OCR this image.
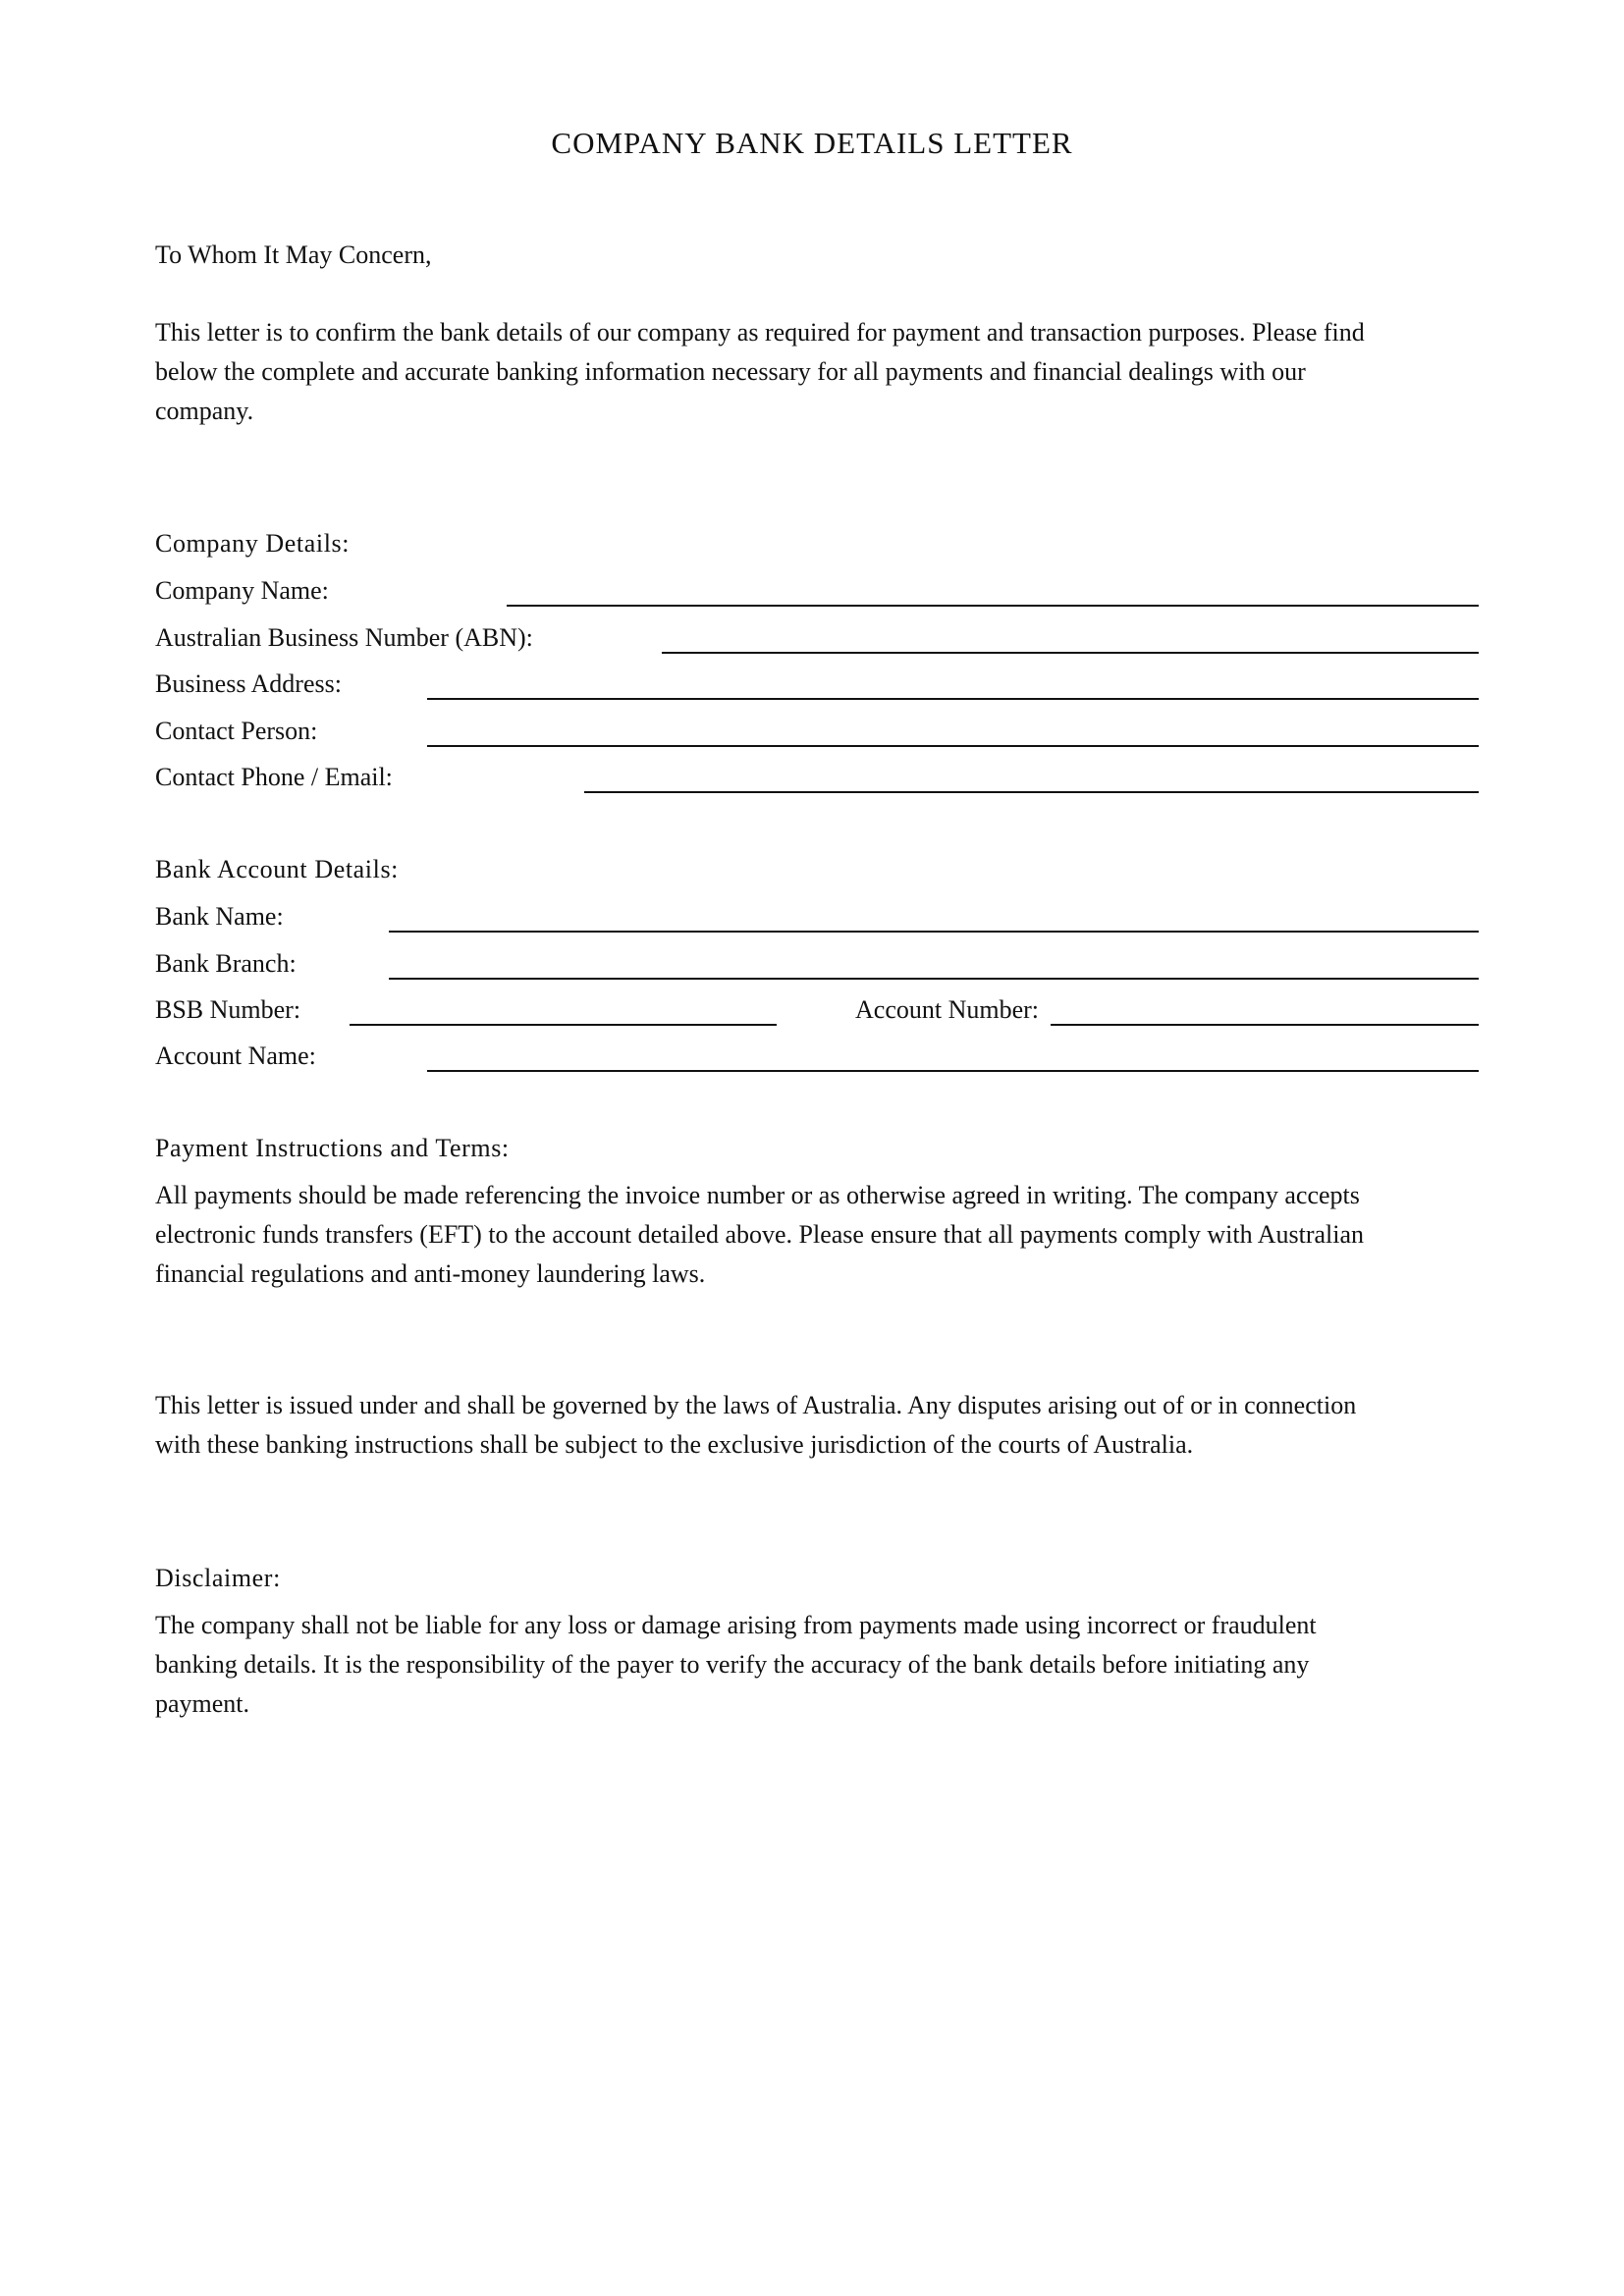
COMPANY BANK DETAILS LETTER
To Whom It May Concern,
This letter is to confirm the bank details of our company as required for payment and transaction purposes. Please find
below the complete and accurate banking information necessary for all payments and financial dealings with our
company.
Company Details:
Company Name:
Australian Business Number (ABN):
Business Address:
Contact Person:
Contact Phone / Email:
Bank Account Details:
Bank Name:
Bank Branch:
BSB Number:	Account Number:
Account Name:
Payment Instructions and Terms:
All payments should be made referencing the invoice number or as otherwise agreed in writing. The company accepts
electronic funds transfers (EFT) to the account detailed above. Please ensure that all payments comply with Australian
financial regulations and anti-money laundering laws.
This letter is issued under and shall be governed by the laws of Australia. Any disputes arising out of or in connection
with these banking instructions shall be subject to the exclusive jurisdiction of the courts of Australia.
Disclaimer:
The company shall not be liable for any loss or damage arising from payments made using incorrect or fraudulent
banking details. It is the responsibility of the payer to verify the accuracy of the bank details before initiating any
payment.
